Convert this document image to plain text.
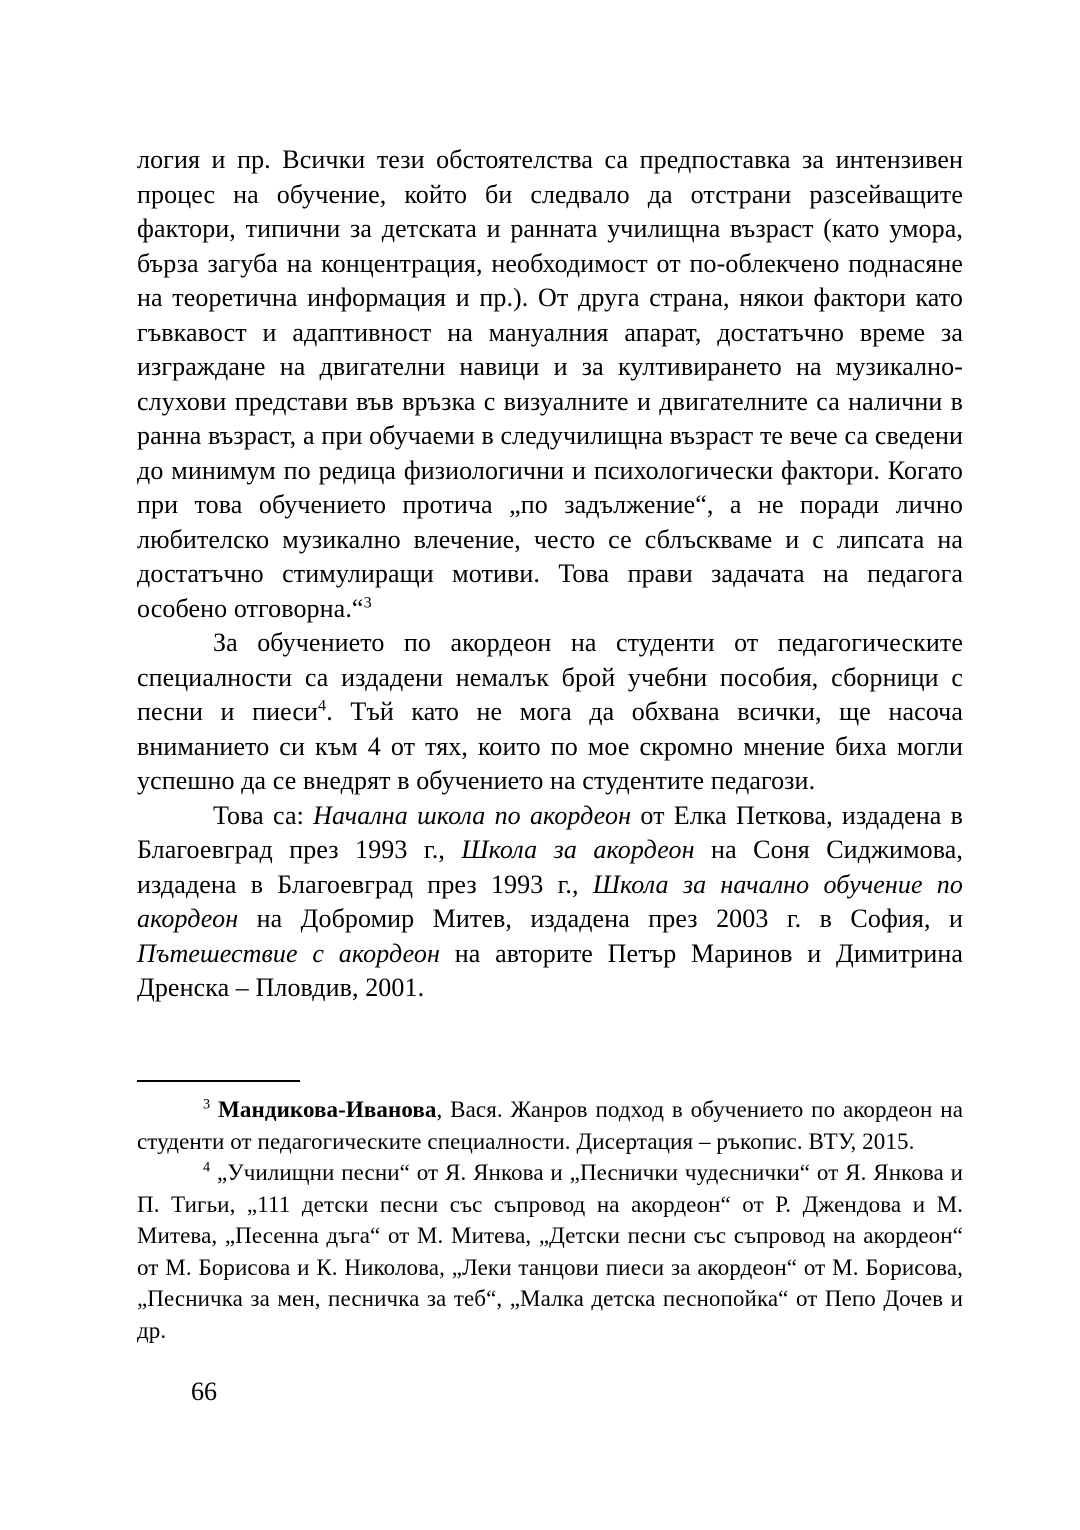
логия и пр. Всички тези обстоятелства са предпоставка за интензивен процес на обучение, който би следвало да отстрани разсейващите фактори, типични за детската и ранната училищна възраст (като умора, бърза загуба на концентрация, необходимост от по-облекчено поднасяне на теоретична информация и пр.). От друга страна, някои фактори като гъвкавост и адаптивност на мануалния апарат, достатъчно време за изграждане на двигателни навици и за култивирането на музикално-слухови представи във връзка с визуалните и двигателните са налични в ранна възраст, а при обучаеми в следучилищна възраст те вече са сведени до минимум по редица физиологични и психологически фактори. Когато при това обучението протича „по задължение“, а не поради лично любителско музикално влечение, често се сблъскваме и с липсата на достатъчно стимулиращи мотиви. Това прави задачата на педагога особено отговорна.“$^3$

За обучението по акордеон на студенти от педагогическите специалности са издадени немалък брой учебни пособия, сборници с песни и пиеси$^4$. Тъй като не мога да обхвана всички, ще насоча вниманието си към 4 от тях, които по мое скромно мнение биха могли успешно да се внедрят в обучението на студентите педагози.

Това са: Начална школа по акордеон от Елка Петкова, издадена в Благоевград през 1993 г., Школа за акордеон на Соня Сиджимова, издадена в Благоевград през 1993 г., Школа за начално обучение по акордеон на Добромир Митев, издадена през 2003 г. в София, и Пътешествие с акордеон на авторите Петър Маринов и Димитрина Дренска – Пловдив, 2001.

$^3$ Мандикова-Иванова, Вася. Жанров подход в обучението по акордеон на студенти от педагогическите специалности. Дисертация – ръкопис. ВТУ, 2015.

$^4$ „Училищни песни“ от Я. Янкова и „Песнички чудеснички“ от Я. Янкова и П. Тигьи, „111 детски песни със съпровод на акордеон“ от Р. Джендова и М. Митева, „Песенна дъга“ от М. Митева, „Детски песни със съпровод на акордеон“ от М. Борисова и К. Николова, „Леки танцови пиеси за акордеон“ от М. Борисова, „Песничка за мен, песничка за теб“, „Малка детска песнопойка“ от Пепо Дочев и др.

66
